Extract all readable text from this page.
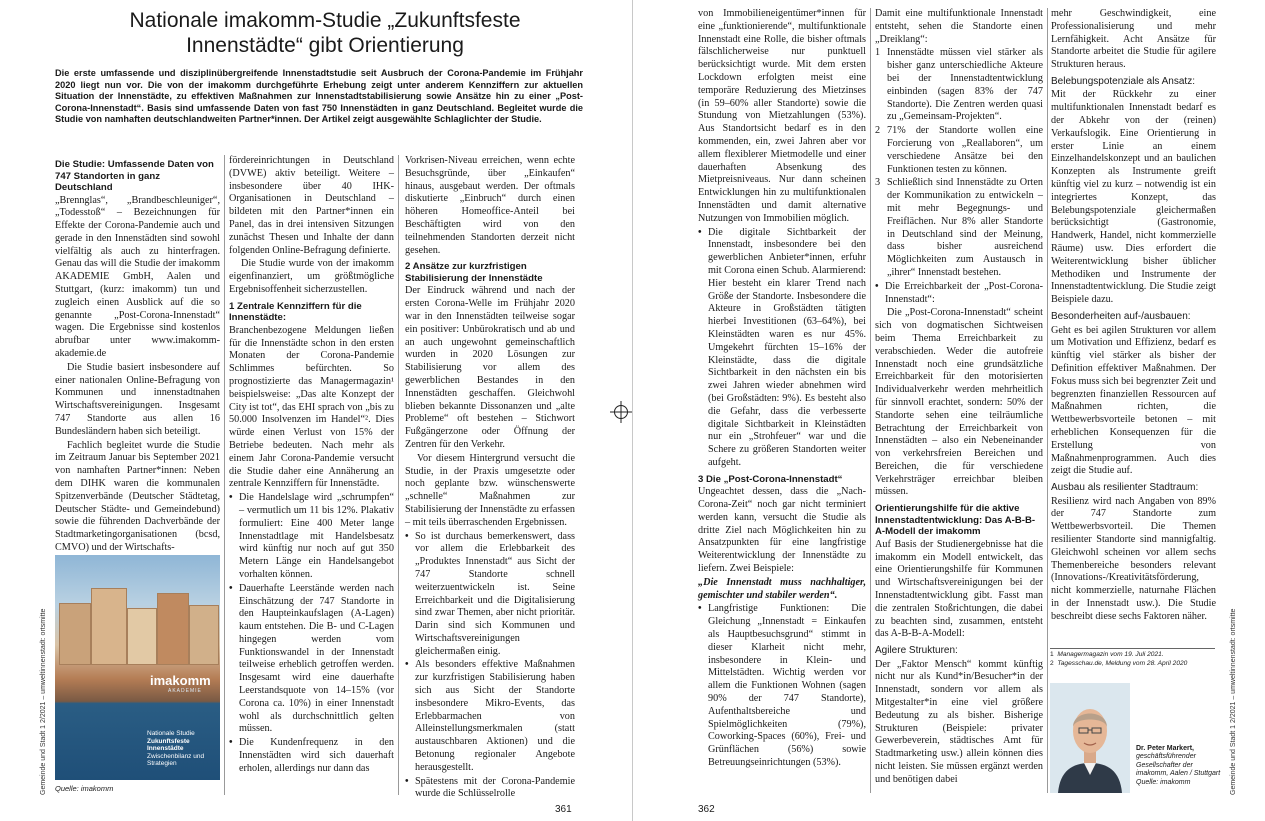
Nationale imakomm-Studie „Zukunftsfeste Innenstädte“ gibt Orientierung

Die erste umfassende und disziplinübergreifende Innenstadtstudie seit Ausbruch der Corona-Pandemie im Frühjahr 2020 liegt nun vor. Die von der imakomm durchgeführte Erhebung zeigt unter anderem Kennziffern zur aktuellen Situation der Innenstädte, zu effektiven Maßnahmen zur Innenstadtstabilisierung sowie Ansätze hin zu einer „Post-Corona-Innenstadt“. Basis sind umfassende Daten von fast 750 Innenstädten in ganz Deutschland. Begleitet wurde die Studie von namhaften deutschlandweiten Partner*innen. Der Artikel zeigt ausgewählte Schlaglichter der Studie.

Die Studie: Umfassende Daten von 747 Standorten in ganz Deutschland

„Brennglas“, „Brandbeschleuniger“, „Todesstoß“ – Bezeichnungen für Effekte der Corona-Pandemie auch und gerade in den Innenstädten sind sowohl vielfältig als auch zu hinterfragen. Genau das will die Studie der imakomm AKADEMIE GmbH, Aalen und Stuttgart, (kurz: imakomm) tun und zugleich einen Ausblick auf die so genannte „Post-Corona-Innenstadt“ wagen. Die Ergebnisse sind kostenlos abrufbar unter www.imakomm-akademie.de

Die Studie basiert insbesondere auf einer nationalen Online-Befragung von Kommunen und innenstadtnahen Wirtschaftsvereinigungen. Insgesamt 747 Standorte aus allen 16 Bundesländern haben sich beteiligt.

Fachlich begleitet wurde die Studie im Zeitraum Januar bis September 2021 von namhaften Partner*innen: Neben dem DIHK waren die kommunalen Spitzenverbände (Deutscher Städtetag, Deutscher Städte- und Gemeindebund) sowie die führenden Dachverbände der Stadtmarketingorganisationen (bcsd, CMVO) und der Wirtschafts-

fördereinrichtungen in Deutschland (DVWE) aktiv beteiligt. Weitere – insbesondere über 40 IHK-Organisationen in Deutschland – bildeten mit den Partner*innen ein Panel, das in drei intensiven Sitzungen zunächst Thesen und Inhalte der dann folgenden Online-Befragung definierte.

Die Studie wurde von der imakomm eigenfinanziert, um größtmögliche Ergebnisoffenheit sicherzustellen.

1 Zentrale Kennziffern für die Innenstädte:

Branchenbezogene Meldungen ließen für die Innenstädte schon in den ersten Monaten der Corona-Pandemie Schlimmes befürchten. So prognostizierte das Managermagazin¹ beispielsweise: „Das alte Konzept der City ist tot“, das EHI sprach von „bis zu 50.000 Insolvenzen im Handel“². Dies würde einen Verlust von 15% der Betriebe bedeuten. Nach mehr als einem Jahr Corona-Pandemie versucht die Studie daher eine Annäherung an zentrale Kennziffern für Innenstädte.

• Die Handelslage wird „schrumpfen“ – vermutlich um 11 bis 12%. Plakativ formuliert: Eine 400 Meter lange Innenstadtlage mit Handelsbesatz wird künftig nur noch auf gut 350 Metern Länge ein Handelsangebot vorhalten können.
• Dauerhafte Leerstände werden nach Einschätzung der 747 Standorte in den Haupteinkaufslagen (A-Lagen) kaum entstehen. Die B- und C-Lagen hingegen werden vom Funktionswandel in der Innenstadt teilweise erheblich getroffen werden. Insgesamt wird eine dauerhafte Leerstandsquote von 14–15% (vor Corona ca. 10%) in einer Innenstadt wohl als durchschnittlich gelten müssen.
• Die Kundenfrequenz in den Innenstädten wird sich dauerhaft erholen, allerdings nur dann das

Vorkrisen-Niveau erreichen, wenn echte Besuchsgründe, über „Einkaufen“ hinaus, ausgebaut werden. Der oftmals diskutierte „Einbruch“ durch einen höheren Homeoffice-Anteil bei Beschäftigten wird von den teilnehmenden Standorten derzeit nicht gesehen.

2 Ansätze zur kurzfristigen Stabilisierung der Innenstädte

Der Eindruck während und nach der ersten Corona-Welle im Frühjahr 2020 war in den Innenstädten teilweise sogar ein positiver: Unbürokratisch und ab und an auch ungewohnt gemeinschaftlich wurden in 2020 Lösungen zur Stabilisierung vor allem des gewerblichen Bestandes in den Innenstädten geschaffen. Gleichwohl blieben bekannte Dissonanzen und „alte Probleme“ oft bestehen – Stichwort Fußgängerzone oder Öffnung der Zentren für den Verkehr.

Vor diesem Hintergrund versucht die Studie, in der Praxis umgesetzte oder noch geplante bzw. wünschenswerte „schnelle“ Maßnahmen zur Stabilisierung der Innenstädte zu erfassen – mit teils überraschenden Ergebnissen.

• So ist durchaus bemerkenswert, dass vor allem die Erlebbarkeit des „Produktes Innenstadt“ aus Sicht der 747 Standorte schnell weiterzuentwickeln ist. Seine Erreichbarkeit und die Digitalisierung sind zwar Themen, aber nicht prioritär. Darin sind sich Kommunen und Wirtschaftsvereinigungen gleichermaßen einig.
• Als besonders effektive Maßnahmen zur kurzfristigen Stabilisierung haben sich aus Sicht der Standorte insbesondere Mikro-Events, das Erlebbarmachen von Alleinstellungsmerkmalen (statt austauschbaren Aktionen) und die Betonung regionaler Angebote herausgestellt.
• Spätestens mit der Corona-Pandemie wurde die Schlüsselrolle
imakomm
AKADEMIE
Nationale Studie
Zukunftsfeste Innenstädte
Zwischenbilanz und Strategien
Quelle: imakomm
Gemeinde und Stadt 1 2/2021 – umweltinnenstadt: ortsmitte
361

von Immobilieneigentümer*innen für eine „funktionierende“, multifunktionale Innenstadt eine Rolle, die bisher oftmals fälschlicherweise nur punktuell berücksichtigt wurde. Mit dem ersten Lockdown erfolgten meist eine temporäre Reduzierung des Mietzinses (in 59–60% aller Standorte) sowie die Stundung von Mietzahlungen (53%). Aus Standortsicht bedarf es in den kommenden, ein, zwei Jahren aber vor allem flexiblerer Mietmodelle und einer dauerhaften Absenkung des Mietpreisniveaus. Nur dann scheinen Entwicklungen hin zu multifunktionalen Innenstädten und damit alternative Nutzungen von Immobilien möglich.

• Die digitale Sichtbarkeit der Innenstadt, insbesondere bei den gewerblichen Anbieter*innen, erfuhr mit Corona einen Schub. Alarmierend: Hier besteht ein klarer Trend nach Größe der Standorte. Insbesondere die Akteure in Großstädten tätigten hierbei Investitionen (63–64%), bei Kleinstädten waren es nur 45%. Umgekehrt fürchten 15–16% der Kleinstädte, dass die digitale Sichtbarkeit in den nächsten ein bis zwei Jahren wieder abnehmen wird (bei Großstädten: 9%). Es besteht also die Gefahr, dass die verbesserte digitale Sichtbarkeit in Kleinstädten nur ein „Strohfeuer“ war und die Schere zu größeren Standorten weiter aufgeht.
3 Die „Post-Corona-Innenstadt“

Ungeachtet dessen, dass die „Nach-Corona-Zeit“ noch gar nicht terminiert werden kann, versucht die Studie als dritte Ziel nach Möglichkeiten hin zu Ansatzpunkten für eine langfristige Weiterentwicklung der Innenstädte zu liefern. Zwei Beispiele:

„Die Innenstadt muss nachhaltiger, gemischter und stabiler werden“.

• Langfristige Funktionen: Die Gleichung „Innenstadt = Einkaufen als Hauptbesuchsgrund“ stimmt in dieser Klarheit nicht mehr, insbesondere in Klein- und Mittelstädten. Wichtig werden vor allem die Funktionen Wohnen (sagen 90% der 747 Standorte), Aufenthaltsbereiche und Spielmöglichkeiten (79%), Coworking-Spaces (60%), Frei- und Grünflächen (56%) sowie Betreuungseinrichtungen (53%).

Damit eine multifunktionale Innenstadt entsteht, sehen die Standorte einen „Dreiklang“:

1 Innenstädte müssen viel stärker als bisher ganz unterschiedliche Akteure bei der Innenstadtentwicklung einbinden (sagen 83% der 747 Standorte). Die Zentren werden quasi zu „Gemeinsam-Projekten“.
2 71% der Standorte wollen eine Forcierung von „Reallaboren“, um verschiedene Ansätze bei den Funktionen testen zu können.
3 Schließlich sind Innenstädte zu Orten der Kommunikation zu entwickeln – mit mehr Begegnungs- und Freiflächen. Nur 8% aller Standorte in Deutschland sind der Meinung, dass bisher ausreichend Möglichkeiten zum Austausch in „ihrer“ Innenstadt bestehen.
• Die Erreichbarkeit der „Post-Corona-Innenstadt“:

Die „Post-Corona-Innenstadt“ scheint sich von dogmatischen Sichtweisen beim Thema Erreichbarkeit zu verabschieden. Weder die autofreie Innenstadt noch eine grundsätzliche Erreichbarkeit für den motorisierten Individualverkehr werden mehrheitlich für sinnvoll erachtet, sondern: 50% der Standorte sehen eine teilräumliche Betrachtung der Erreichbarkeit von Innenstädten – also ein Nebeneinander von verkehrsfreien Bereichen und Bereichen, die für verschiedene Verkehrsträger erreichbar bleiben müssen.

Orientierungshilfe für die aktive Innenstadtentwicklung: Das A-B-B-A-Modell der imakomm

Auf Basis der Studienergebnisse hat die imakomm ein Modell entwickelt, das eine Orientierungshilfe für Kommunen und Wirtschaftsvereinigungen bei der Innenstadtentwicklung gibt. Fasst man die zentralen Stoßrichtungen, die dabei zu beachten sind, zusammen, entsteht das A-B-B-A-Modell:

Agilere Strukturen:

Der „Faktor Mensch“ kommt künftig nicht nur als Kund*in/Besucher*in der Innenstadt, sondern vor allem als Mitgestalter*in eine viel größere Bedeutung zu als bisher. Bisherige Strukturen (Beispiele: privater Gewerbeverein, städtisches Amt für Stadtmarketing usw.) allein können dies nicht leisten. Sie müssen ergänzt werden und benötigen dabei

mehr Geschwindigkeit, eine Professionalisierung und mehr Lernfähigkeit. Acht Ansätze für Standorte arbeitet die Studie für agilere Strukturen heraus.

Belebungspotenziale als Ansatz:

Mit der Rückkehr zu einer multifunktionalen Innenstadt bedarf es der Abkehr von der (reinen) Verkaufslogik. Eine Orientierung in erster Linie an einem Einzelhandelskonzept und an baulichen Konzepten als Instrumente greift künftig viel zu kurz – notwendig ist ein integriertes Konzept, das Belebungspotenziale gleichermaßen berücksichtigt (Gastronomie, Handwerk, Handel, nicht kommerzielle Räume) usw. Dies erfordert die Weiterentwicklung bisher üblicher Methodiken und Instrumente der Innenstadtentwicklung. Die Studie zeigt Beispiele dazu.

Besonderheiten auf-/ausbauen:

Geht es bei agilen Strukturen vor allem um Motivation und Effizienz, bedarf es künftig viel stärker als bisher der Definition effektiver Maßnahmen. Der Fokus muss sich bei begrenzter Zeit und begrenzten finanziellen Ressourcen auf Maßnahmen richten, die Wettbewerbsvorteile betonen – mit erheblichen Konsequenzen für die Erstellung von Maßnahmenprogrammen. Auch dies zeigt die Studie auf.

Ausbau als resilienter Stadtraum:

Resilienz wird nach Angaben von 89% der 747 Standorte zum Wettbewerbsvorteil. Die Themen resilienter Standorte sind mannigfaltig. Gleichwohl scheinen vor allem sechs Themenbereiche besonders relevant (Innovations-/Kreativitätsförderung, nicht kommerzielle, naturnahe Flächen in der Innenstadt usw.). Die Studie beschreibt diese sechs Faktoren näher.	Gemeinde und Stadt 1 2/2021 – umweltinnenstadt: ortsmitte
362
1 Managermagazin vom 19. Juli 2021.
2 Tagesschau.de, Meldung vom 28. April 2020
Dr. Peter Markert,
geschäftsführender Gesellschafter der imakomm, Aalen / Stuttgart
Quelle: imakomm
